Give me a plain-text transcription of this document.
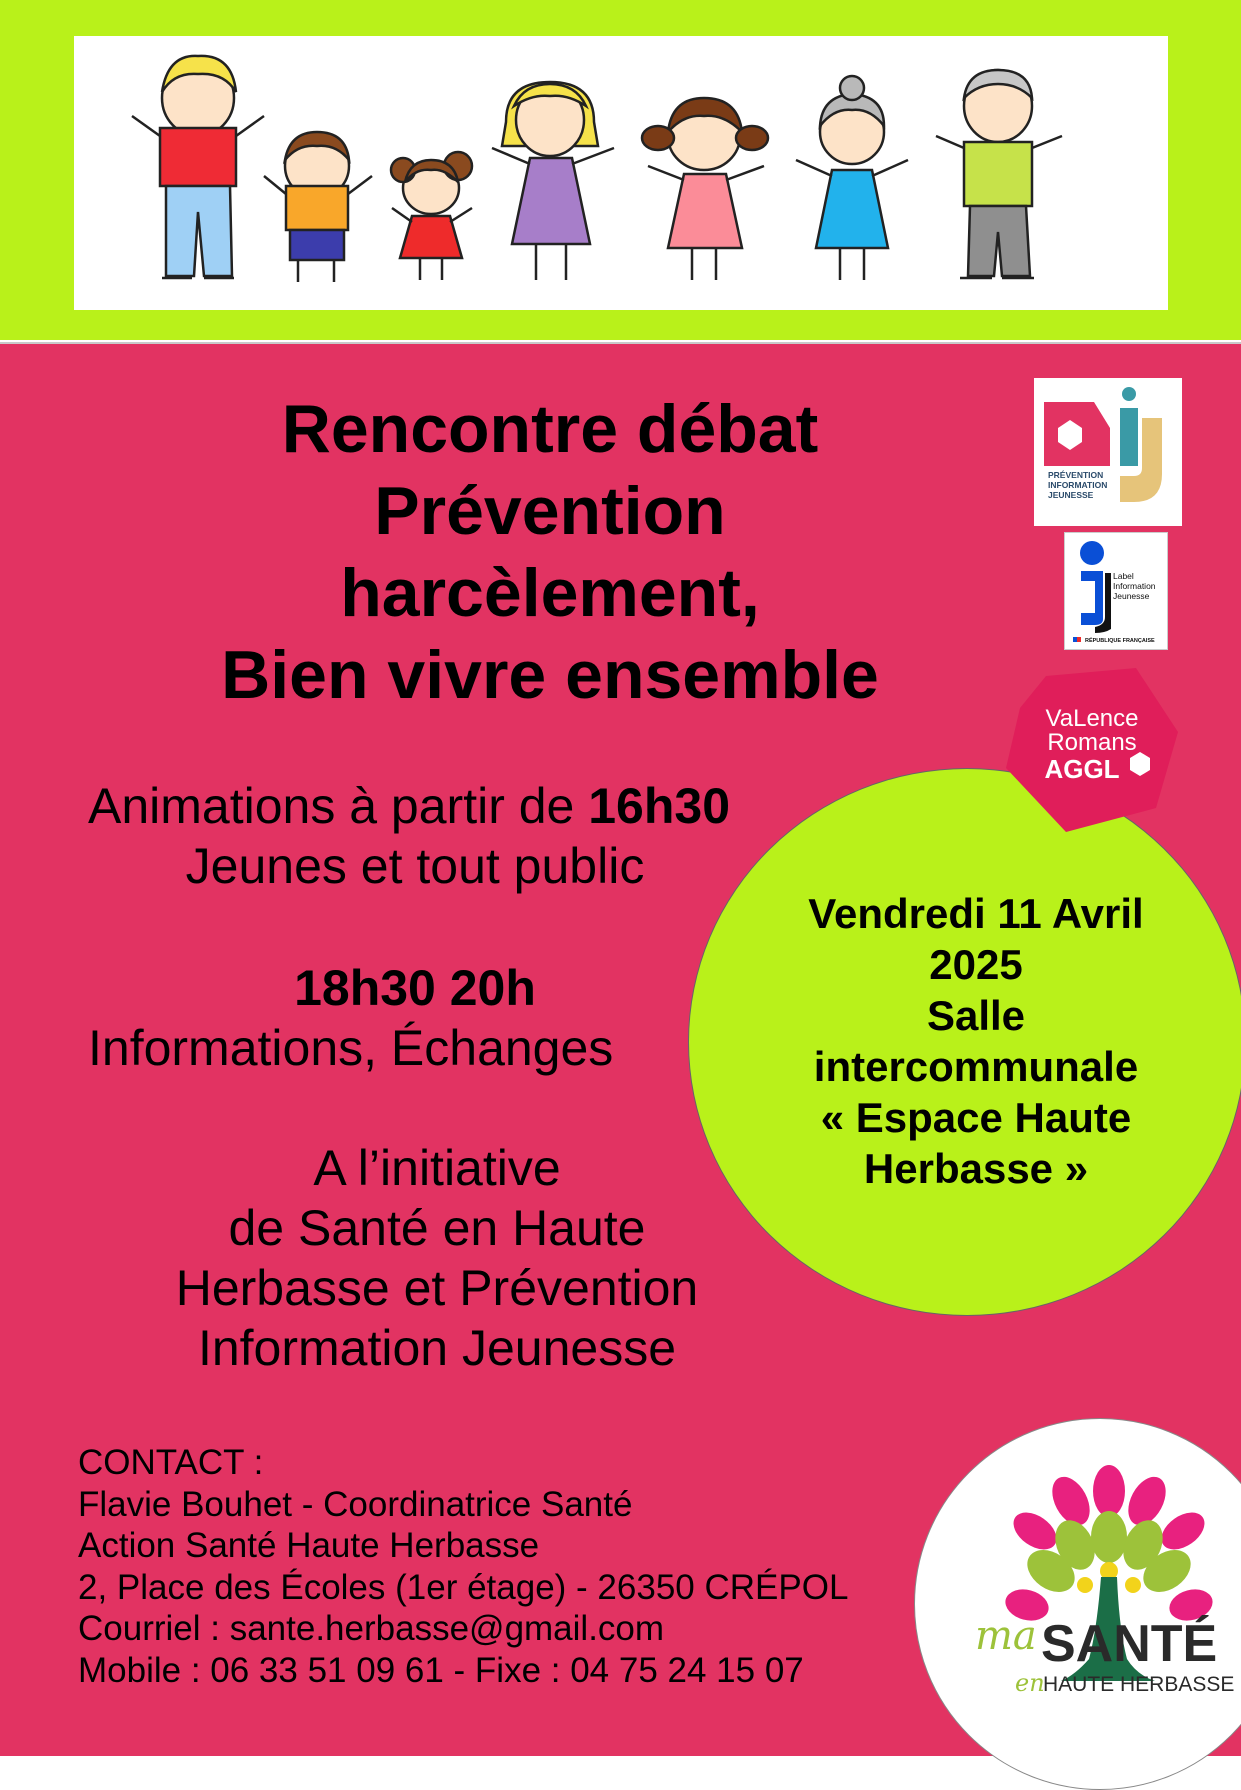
Rencontre débat
Prévention
harcèlement,
Bien vivre ensemble
Animations à partir de 16h30
Jeunes et tout public
18h30 20h
Informations, Échanges
A l’initiative
de Santé en Haute
Herbasse et Prévention
Information Jeunesse
Vendredi 11 Avril
2025
Salle
intercommunale
« Espace Haute
Herbasse »
PRÉVENTION
INFORMATION
JEUNESSE
Label
Information
Jeunesse
RÉPUBLIQUE FRANÇAISE
VaLence
Romans
AGGL
CONTACT :
Flavie Bouhet - Coordinatrice Santé
Action Santé Haute Herbasse
2, Place des Écoles (1er étage) - 26350 CRÉPOL
Courriel : sante.herbasse@gmail.com
Mobile : 06 33 51 09 61 - Fixe : 04 75 24 15 07
ma SANTÉ
en
HAUTE HERBASSE
